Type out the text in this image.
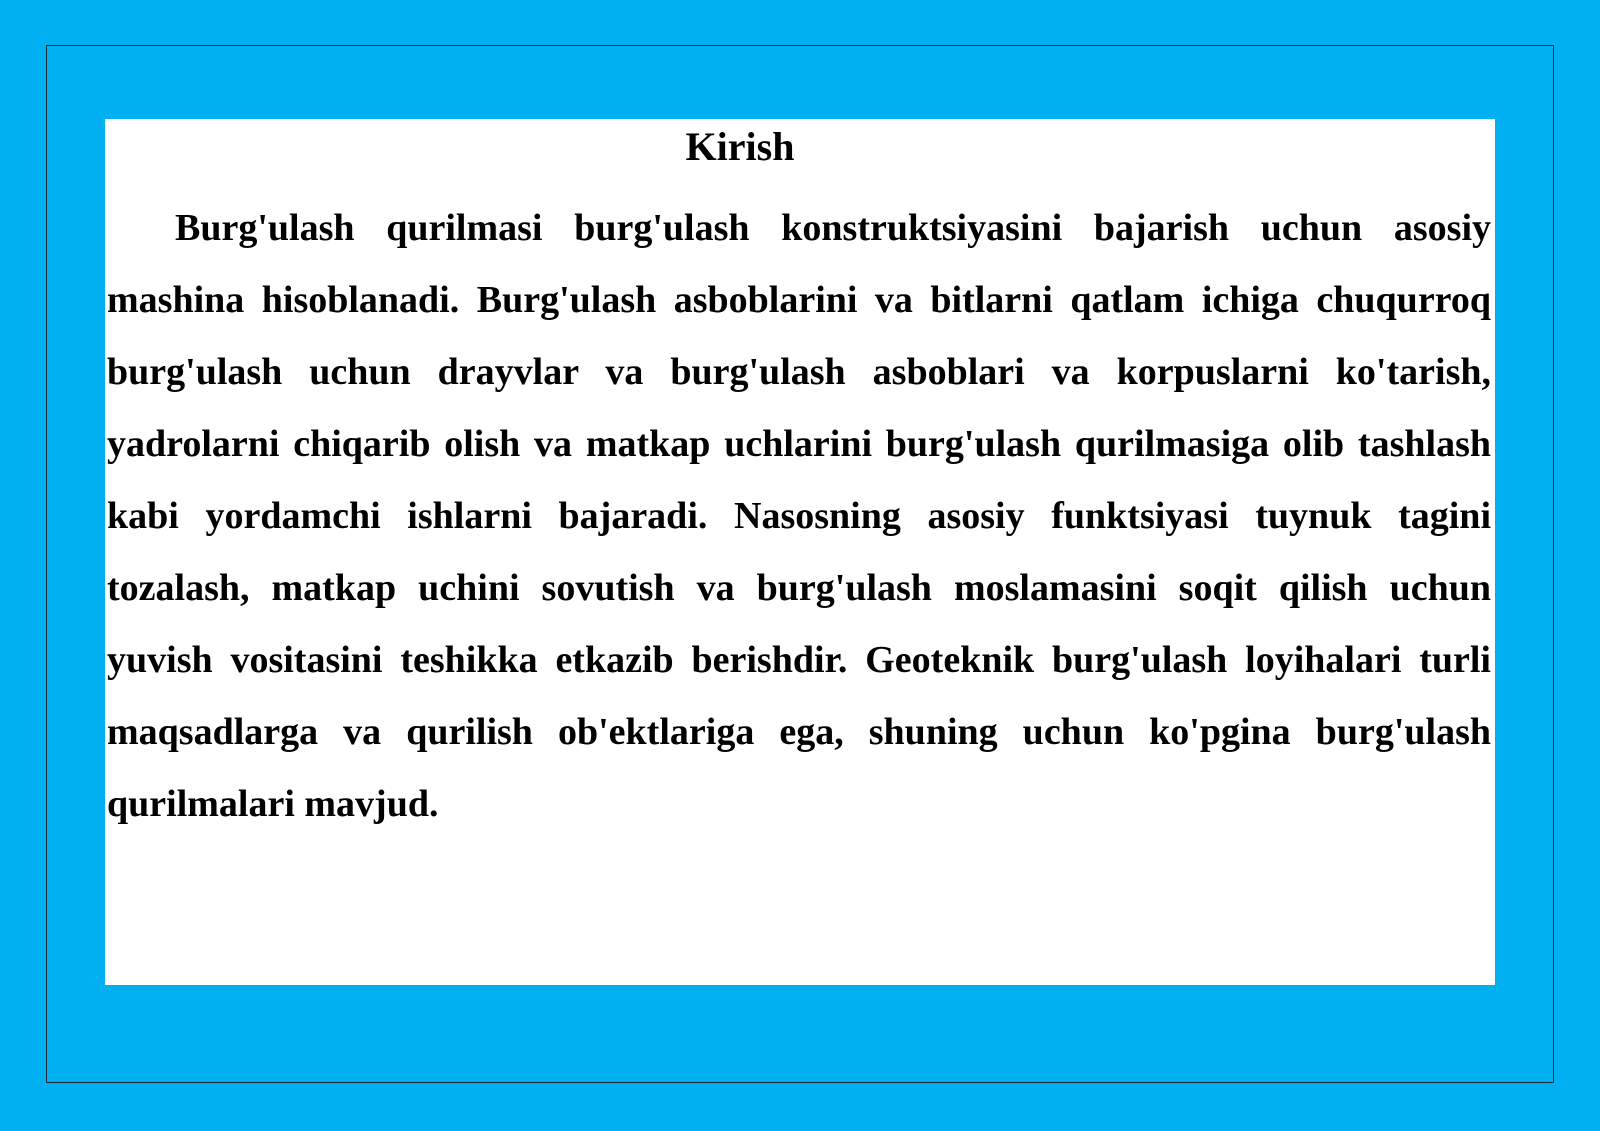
Kirish

Burg'ulash qurilmasi burg'ulash konstruktsiyasini bajarish uchun asosiy mashina hisoblanadi. Burg'ulash asboblarini va bitlarni qatlam ichiga chuqurroq burg'ulash uchun drayvlar va burg'ulash asboblari va korpuslarni ko'tarish, yadrolarni chiqarib olish va matkap uchlarini burg'ulash qurilmasiga olib tashlash kabi yordamchi ishlarni bajaradi. Nasosning asosiy funktsiyasi tuynuk tagini tozalash, matkap uchini sovutish va burg'ulash moslamasini soqit qilish uchun yuvish vositasini teshikka etkazib berishdir. Geoteknik burg'ulash loyihalari turli maqsadlarga va qurilish ob'ektlariga ega, shuning uchun ko'pgina burg'ulash qurilmalari mavjud.
